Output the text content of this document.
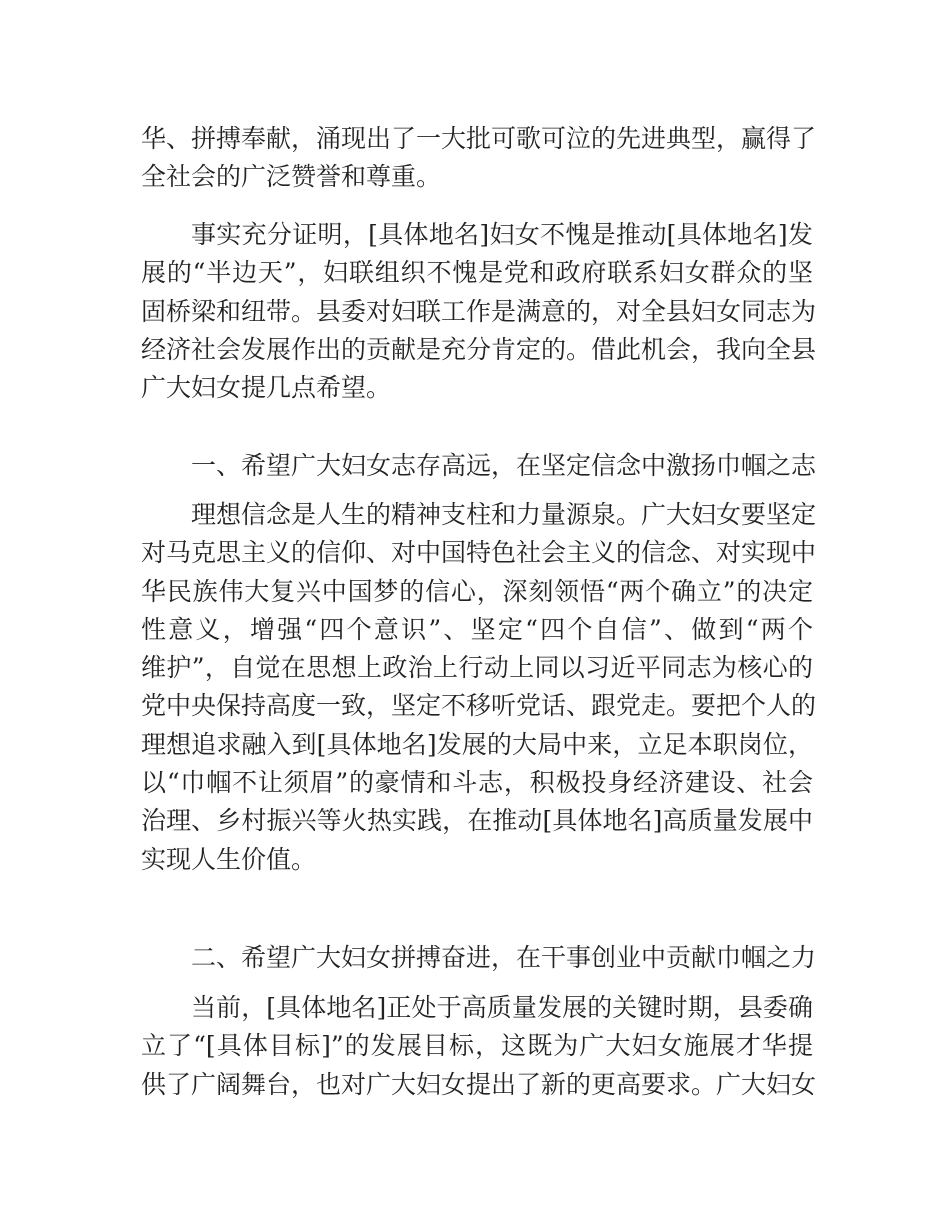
华、拼搏奉献，涌现出了一大批可歌可泣的先进典型，赢得了
全社会的广泛赞誉和尊重。
事实充分证明，[具体地名]妇女不愧是推动[具体地名]发
展的“半边天”，妇联组织不愧是党和政府联系妇女群众的坚
固桥梁和纽带。县委对妇联工作是满意的，对全县妇女同志为
经济社会发展作出的贡献是充分肯定的。借此机会，我向全县
广大妇女提几点希望。
一、希望广大妇女志存高远，在坚定信念中激扬巾帼之志
理想信念是人生的精神支柱和力量源泉。广大妇女要坚定
对马克思主义的信仰、对中国特色社会主义的信念、对实现中
华民族伟大复兴中国梦的信心，深刻领悟“两个确立”的决定
性意义，增强“四个意识”、坚定“四个自信”、做到“两个
维护”，自觉在思想上政治上行动上同以习近平同志为核心的
党中央保持高度一致，坚定不移听党话、跟党走。要把个人的
理想追求融入到[具体地名]发展的大局中来，立足本职岗位，
以“巾帼不让须眉”的豪情和斗志，积极投身经济建设、社会
治理、乡村振兴等火热实践，在推动[具体地名]高质量发展中
实现人生价值。
二、希望广大妇女拼搏奋进，在干事创业中贡献巾帼之力
当前，[具体地名]正处于高质量发展的关键时期，县委确
立了“[具体目标]”的发展目标，这既为广大妇女施展才华提
供了广阔舞台，也对广大妇女提出了新的更高要求。广大妇女
